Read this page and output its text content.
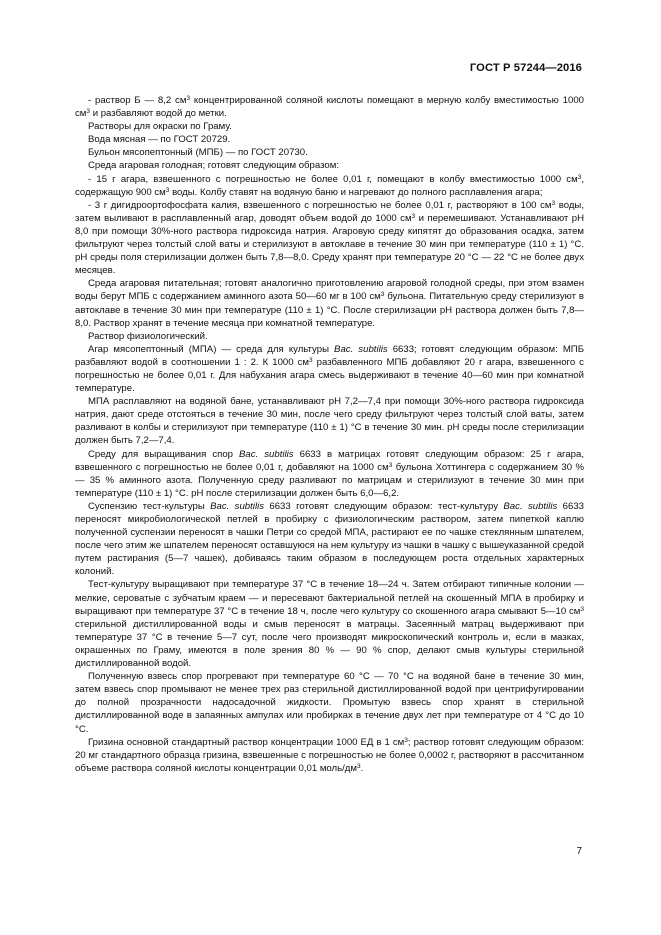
ГОСТ Р 57244—2016

- раствор Б — 8,2 $см^3$ концентрированной соляной кислоты помещают в мерную колбу вместимостью 1000 $см^3$ и разбавляют водой до метки.

Растворы для окраски по Граму.

Вода мясная — по ГОСТ 20729.

Бульон мясопептонный (МПБ) — по ГОСТ 20730.

Среда агаровая голодная; готовят следующим образом:

- 15 г агара, взвешенного с погрешностью не более 0,01 г, помещают в колбу вместимостью 1000 $см^3$, содержащую 900 $см^3$ воды. Колбу ставят на водяную баню и нагревают до полного расплавления агара;

- 3 г дигидроортофосфата калия, взвешенного с погрешностью не более 0,01 г, растворяют в 100 $см^3$ воды, затем выливают в расплавленный агар, доводят объем водой до 1000 $см^3$ и перемешивают. Устанавливают pH 8,0 при помощи 30%-ного раствора гидроксида натрия. Агаровую среду кипятят до образования осадка, затем фильтруют через толстый слой ваты и стерилизуют в автоклаве в течение 30 мин при температуре (110 ± 1) °С. pH среды поля стерилизации должен быть 7,8—8,0. Среду хранят при температуре 20 °С — 22 °С не более двух месяцев.

Среда агаровая питательная; готовят аналогично приготовлению агаровой голодной среды, при этом взамен воды берут МПБ с содержанием аминного азота 50—60 мг в 100 $см^3$ бульона. Питательную среду стерилизуют в автоклаве в течение 30 мин при температуре (110 ± 1) °С. После стерилизации pH раствора должен быть 7,8—8,0. Раствор хранят в течение месяца при комнатной температуре.

Раствор физиологический.

Агар мясопептонный (МПА) — среда для культуры Bac. subtilis 6633; готовят следующим образом: МПБ разбавляют водой в соотношении 1 : 2. К 1000 $см^3$ разбавленного МПБ добавляют 20 г агара, взвешенного с погрешностью не более 0,01 г. Для набухания агара смесь выдерживают в течение 40—60 мин при комнатной температуре.

МПА расплавляют на водяной бане, устанавливают pH 7,2—7,4 при помощи 30%-ного раствора гидроксида натрия, дают среде отстояться в течение 30 мин, после чего среду фильтруют через толстый слой ваты, затем разливают в колбы и стерилизуют при температуре (110 ± 1) °С в течение 30 мин. pH среды после стерилизации должен быть 7,2—7,4.

Среду для выращивания спор Bac. subtilis 6633 в матрицах готовят следующим образом: 25 г агара, взвешенного с погрешностью не более 0,01 г, добавляют на 1000 $см^3$ бульона Хоттингера с содержанием 30 % — 35 % аминного азота. Полученную среду разливают по матрицам и стерилизуют в течение 30 мин при температуре (110 ± 1) °С. pH после стерилизации должен быть 6,0—6,2.

Суспензию тест-культуры Bac. subtilis 6633 готовят следующим образом: тест-культуру Bac. subtilis 6633 переносят микробиологической петлей в пробирку с физиологическим раствором, затем пипеткой каплю полученной суспензии переносят в чашки Петри со средой МПА, растирают ее по чашке стеклянным шпателем, после чего этим же шпателем переносят оставшуюся на нем культуру из чашки в чашку с вышеуказанной средой путем растирания (5—7 чашек), добиваясь таким образом в последующем роста отдельных характерных колоний.

Тест-культуру выращивают при температуре 37 °С в течение 18—24 ч. Затем отбирают типичные колонии — мелкие, сероватые с зубчатым краем — и пересевают бактериальной петлей на скошенный МПА в пробирку и выращивают при температуре 37 °С в течение 18 ч, после чего культуру со скошенного агара смывают 5—10 $см^3$ стерильной дистиллированной воды и смыв переносят в матрацы. Засеянный матрац выдерживают при температуре 37 °С в течение 5—7 сут, после чего производят микроскопический контроль и, если в мазках, окрашенных по Граму, имеются в поле зрения 80 % — 90 % спор, делают смыв культуры стерильной дистиллированной водой.

Полученную взвесь спор прогревают при температуре 60 °С — 70 °С на водяной бане в течение 30 мин, затем взвесь спор промывают не менее трех раз стерильной дистиллированной водой при центрифугировании до полной прозрачности надосадочной жидкости. Промытую взвесь спор хранят в стерильной дистиллированной воде в запаянных ампулах или пробирках в течение двух лет при температуре от 4 °С до 10 °С.

Гризина основной стандартный раствор концентрации 1000 ЕД в 1 $см^3$; раствор готовят следующим образом: 20 мг стандартного образца гризина, взвешенные с погрешностью не более 0,0002 г, растворяют в рассчитанном объеме раствора соляной кислоты концентрации 0,01 моль/$дм^3$.

7
